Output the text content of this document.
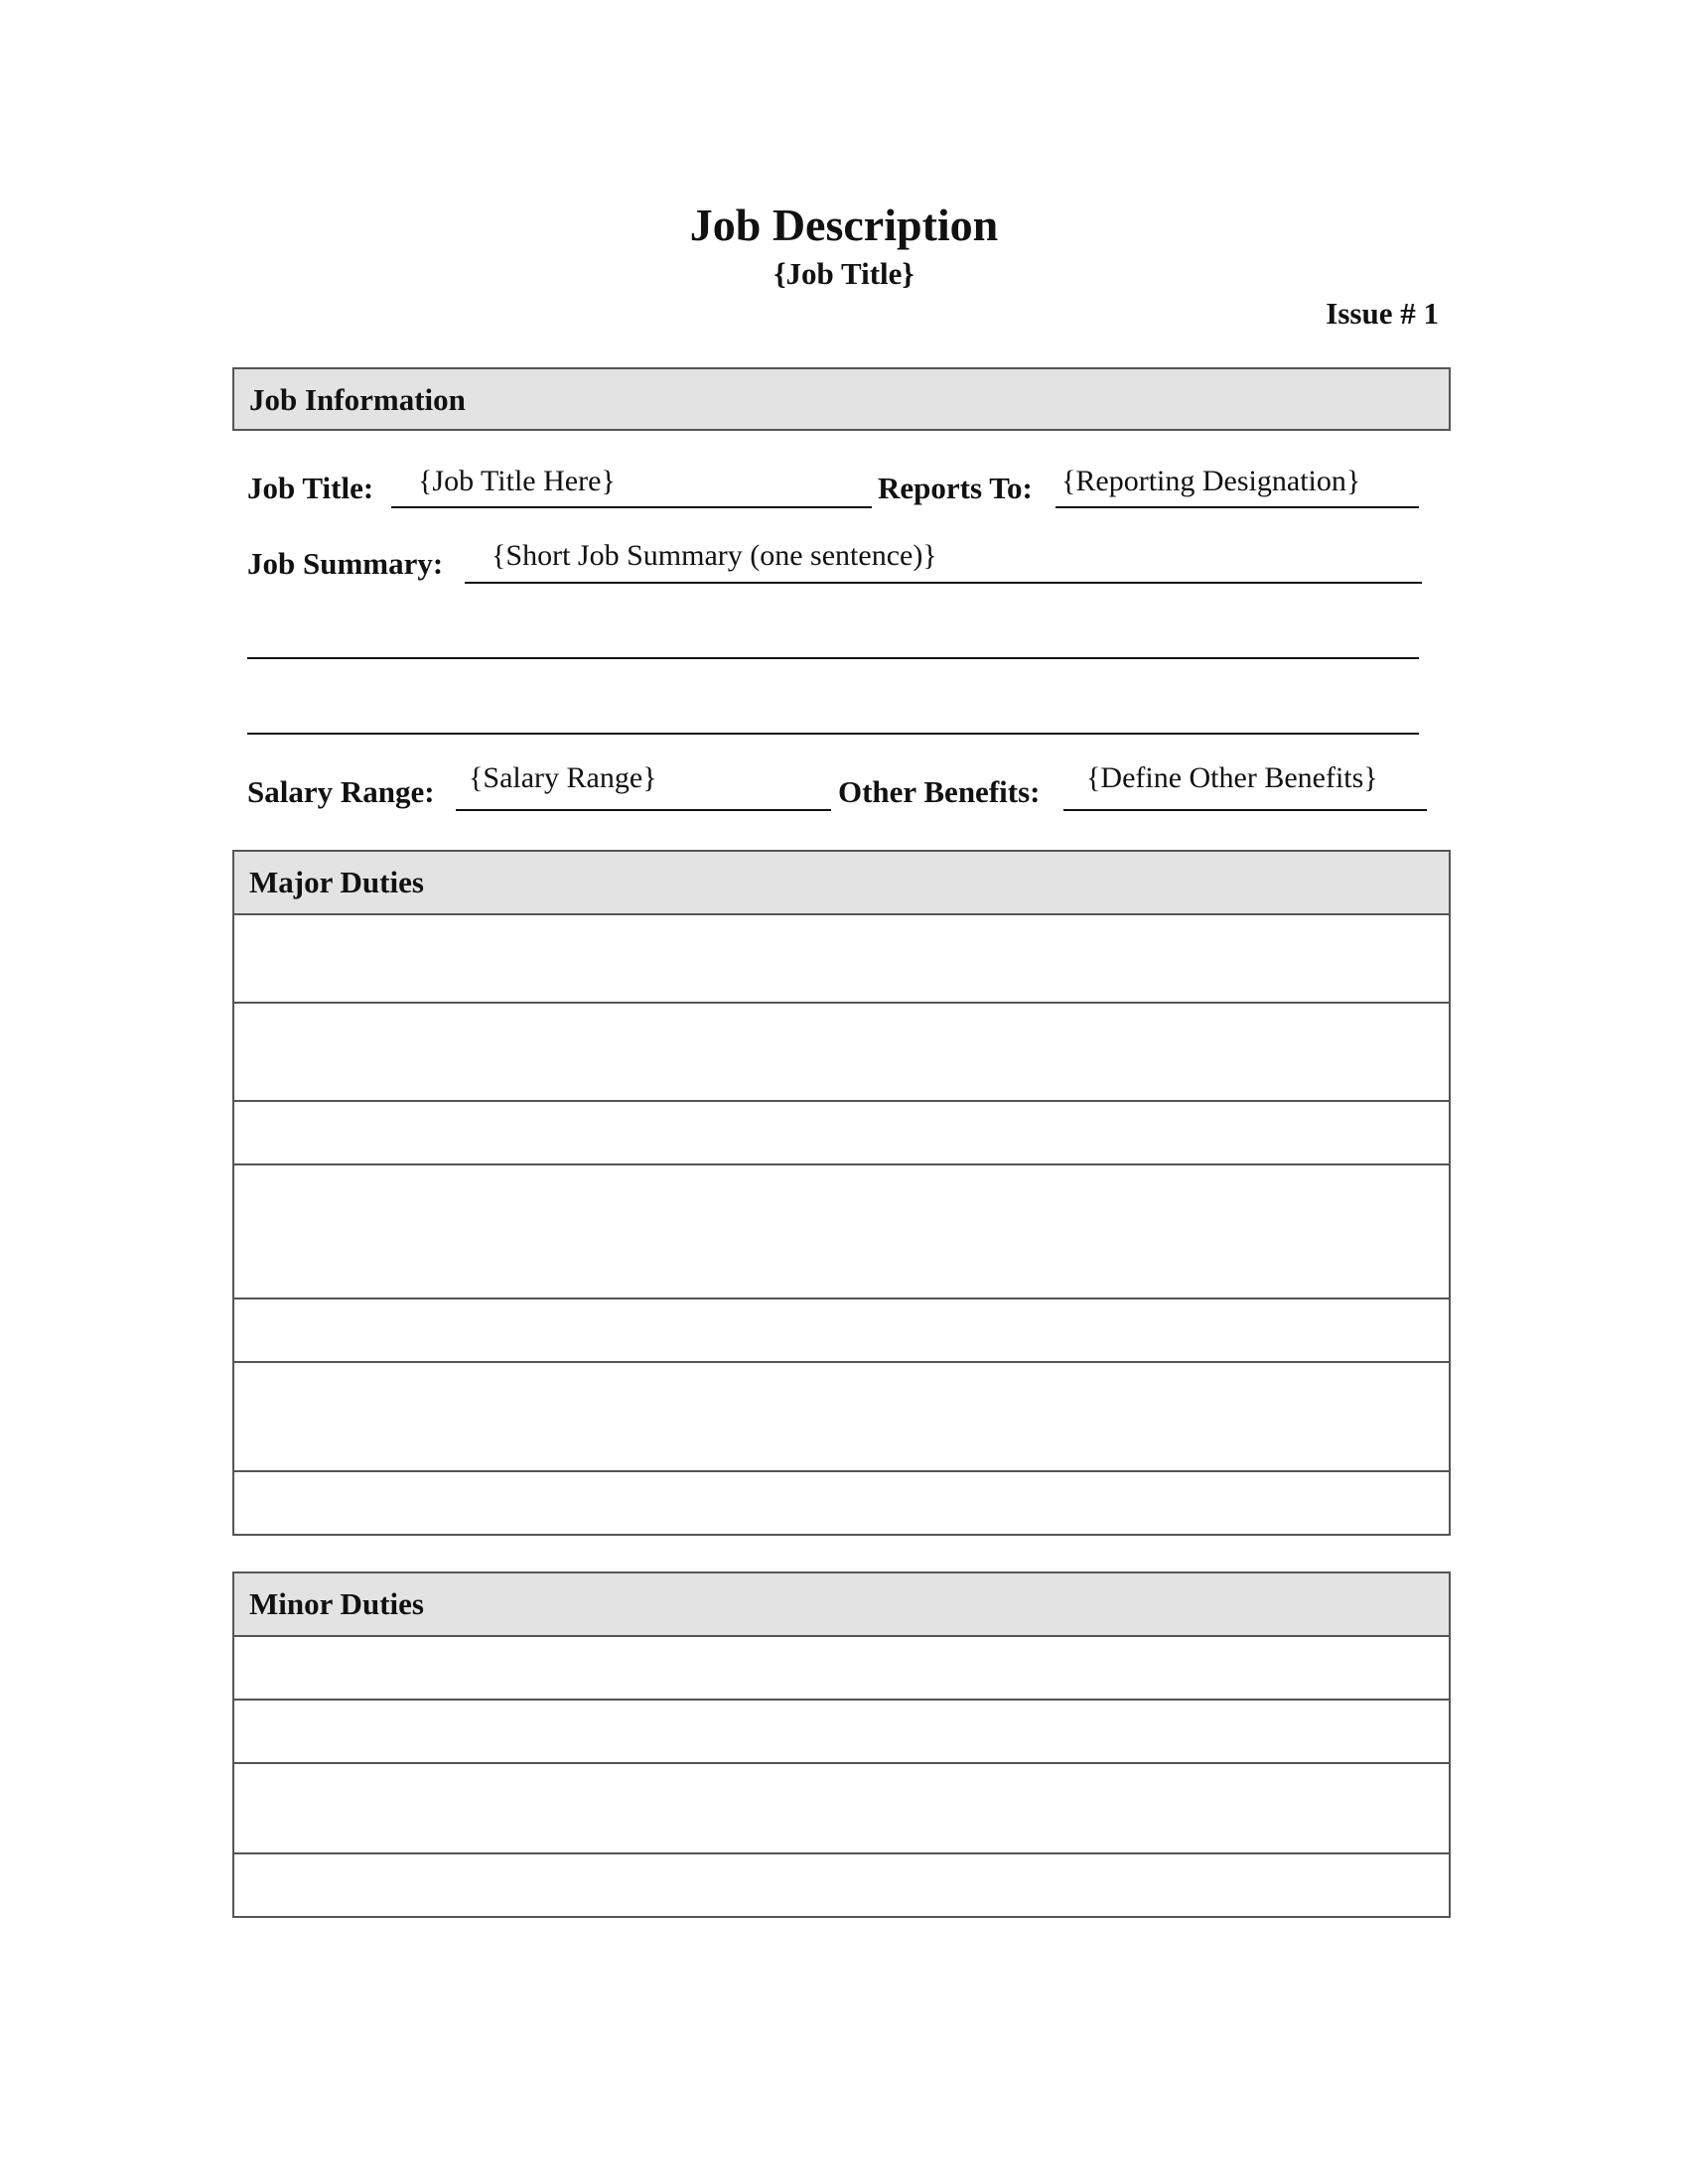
Job Description
{Job Title}
Issue # 1
Job Information
Job Title: {Job Title Here}	Reports To: {Reporting Designation}
Job Summary: {Short Job Summary (one sentence)}
Salary Range: {Salary Range}	Other Benefits: {Define Other Benefits}
Major Duties
Minor Duties
